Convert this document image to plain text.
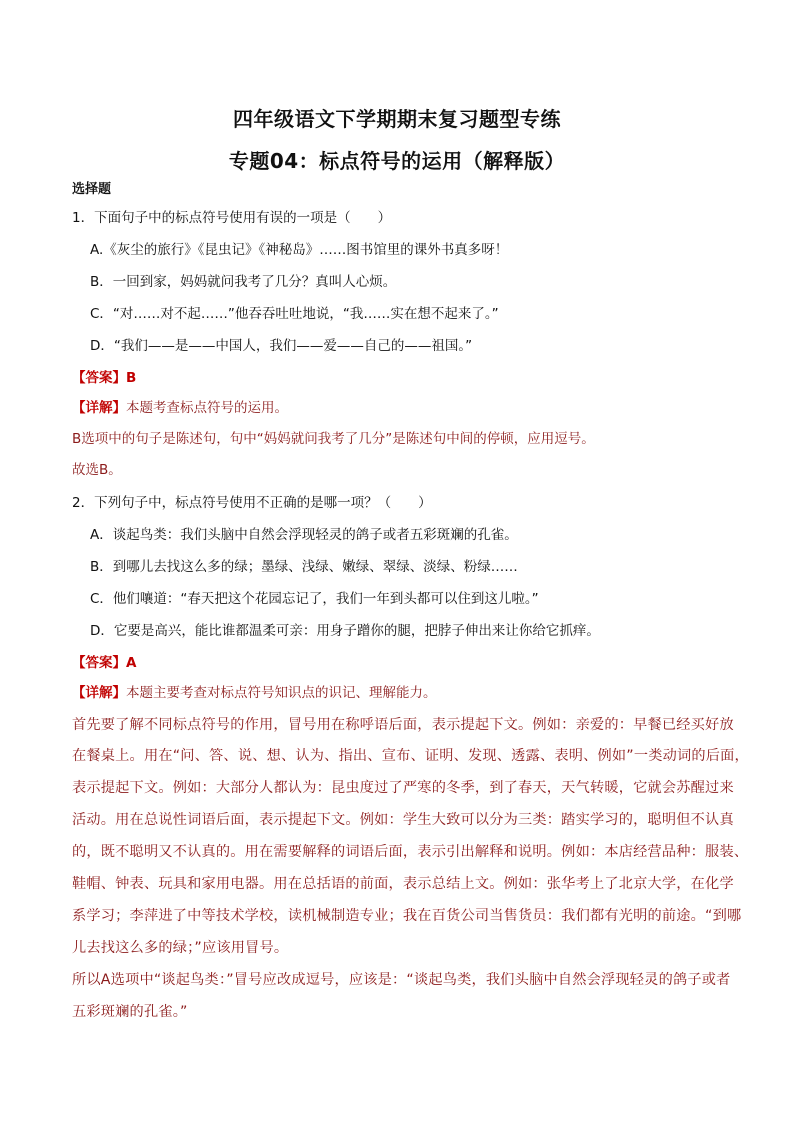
四年级语文下学期期末复习题型专练
专题04：标点符号的运用（解释版）
选择题
1．下面句子中的标点符号使用有误的一项是（　　）
A.《灰尘的旅行》《昆虫记》《神秘岛》……图书馆里的课外书真多呀！
B．一回到家，妈妈就问我考了几分？真叫人心烦。
C．“对……对不起……”他吞吞吐吐地说，“我……实在想不起来了。”
D．“我们——是——中国人，我们——爱——自己的——祖国。”
【答案】B
【详解】本题考查标点符号的运用。
B选项中的句子是陈述句，句中“妈妈就问我考了几分”是陈述句中间的停顿，应用逗号。
故选B。
2．下列句子中，标点符号使用不正确的是哪一项？（　　）
A．谈起鸟类：我们头脑中自然会浮现轻灵的鸽子或者五彩斑斓的孔雀。
B．到哪儿去找这么多的绿；墨绿、浅绿、嫩绿、翠绿、淡绿、粉绿……
C．他们嚷道：“春天把这个花园忘记了，我们一年到头都可以住到这儿啦。”
D．它要是高兴，能比谁都温柔可亲：用身子蹭你的腿，把脖子伸出来让你给它抓痒。
【答案】A
【详解】本题主要考查对标点符号知识点的识记、理解能力。
首先要了解不同标点符号的作用，冒号用在称呼语后面，表示提起下文。例如：亲爱的：早餐已经买好放
在餐桌上。用在“问、答、说、想、认为、指出、宣布、证明、发现、透露、表明、例如”一类动词的后面，
表示提起下文。例如：大部分人都认为：昆虫度过了严寒的冬季，到了春天，天气转暖，它就会苏醒过来
活动。用在总说性词语后面，表示提起下文。例如：学生大致可以分为三类：踏实学习的，聪明但不认真
的，既不聪明又不认真的。用在需要解释的词语后面，表示引出解释和说明。例如：本店经营品种：服装、
鞋帽、钟表、玩具和家用电器。用在总括语的前面，表示总结上文。例如：张华考上了北京大学，在化学
系学习；李萍进了中等技术学校，读机械制造专业；我在百货公司当售货员：我们都有光明的前途。“到哪
儿去找这么多的绿；”应该用冒号。
所以A选项中“谈起鸟类：”冒号应改成逗号，应该是：“谈起鸟类，我们头脑中自然会浮现轻灵的鸽子或者
五彩斑斓的孔雀。”
